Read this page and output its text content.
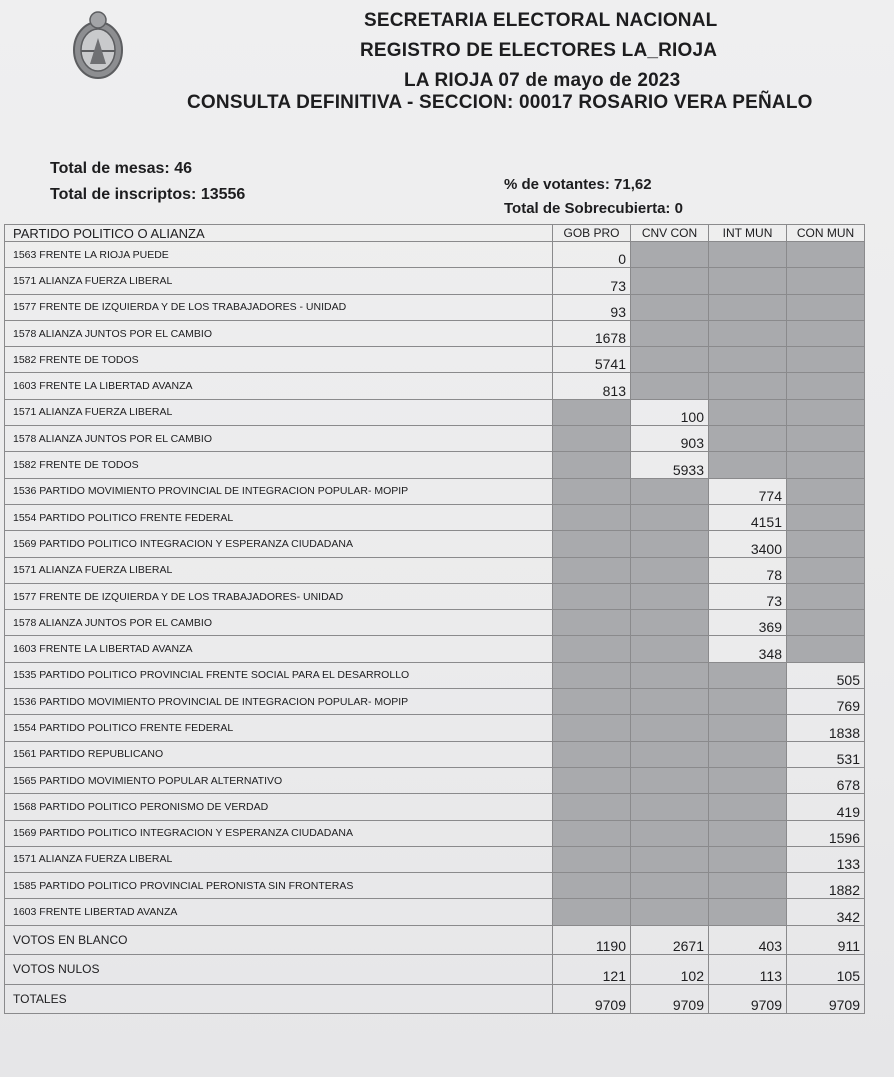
SECRETARIA ELECTORAL NACIONAL
REGISTRO DE ELECTORES LA_RIOJA
LA RIOJA 07 de mayo de 2023
CONSULTA DEFINITIVA - SECCION: 00017 ROSARIO VERA PEÑALO
Total de mesas: 46
Total de inscriptos: 13556
% de votantes: 71,62
Total de Sobrecubierta: 0
PARTIDO POLITICO O ALIANZA	GOB PRO	CNV CON	INT MUN	CON MUN
1563 FRENTE LA RIOJA PUEDE	0			
1571 ALIANZA FUERZA LIBERAL	73			
1577 FRENTE DE IZQUIERDA Y DE LOS TRABAJADORES - UNIDAD	93			
1578 ALIANZA JUNTOS POR EL CAMBIO	1678			
1582 FRENTE DE TODOS	5741			
1603 FRENTE LA LIBERTAD AVANZA	813			
1571 ALIANZA FUERZA LIBERAL		100		
1578 ALIANZA JUNTOS POR EL CAMBIO		903		
1582 FRENTE DE TODOS		5933		
1536 PARTIDO MOVIMIENTO PROVINCIAL DE INTEGRACION POPULAR- MOPIP			774	
1554 PARTIDO POLITICO FRENTE FEDERAL			4151	
1569 PARTIDO POLITICO INTEGRACION Y ESPERANZA CIUDADANA			3400	
1571 ALIANZA FUERZA LIBERAL			78	
1577 FRENTE DE IZQUIERDA Y DE LOS TRABAJADORES- UNIDAD			73	
1578 ALIANZA JUNTOS POR EL CAMBIO			369	
1603 FRENTE LA LIBERTAD AVANZA			348	
1535 PARTIDO POLITICO PROVINCIAL FRENTE SOCIAL PARA EL DESARROLLO				505
1536 PARTIDO MOVIMIENTO PROVINCIAL DE INTEGRACION POPULAR- MOPIP				769
1554 PARTIDO POLITICO FRENTE FEDERAL				1838
1561 PARTIDO REPUBLICANO				531
1565 PARTIDO MOVIMIENTO POPULAR ALTERNATIVO				678
1568 PARTIDO POLITICO PERONISMO DE VERDAD				419
1569 PARTIDO POLITICO INTEGRACION Y ESPERANZA CIUDADANA				1596
1571 ALIANZA FUERZA LIBERAL				133
1585 PARTIDO POLITICO PROVINCIAL PERONISTA SIN FRONTERAS				1882
1603 FRENTE LIBERTAD AVANZA				342
VOTOS EN BLANCO	1190	2671	403	911
VOTOS NULOS	121	102	113	105
TOTALES	9709	9709	9709	9709
